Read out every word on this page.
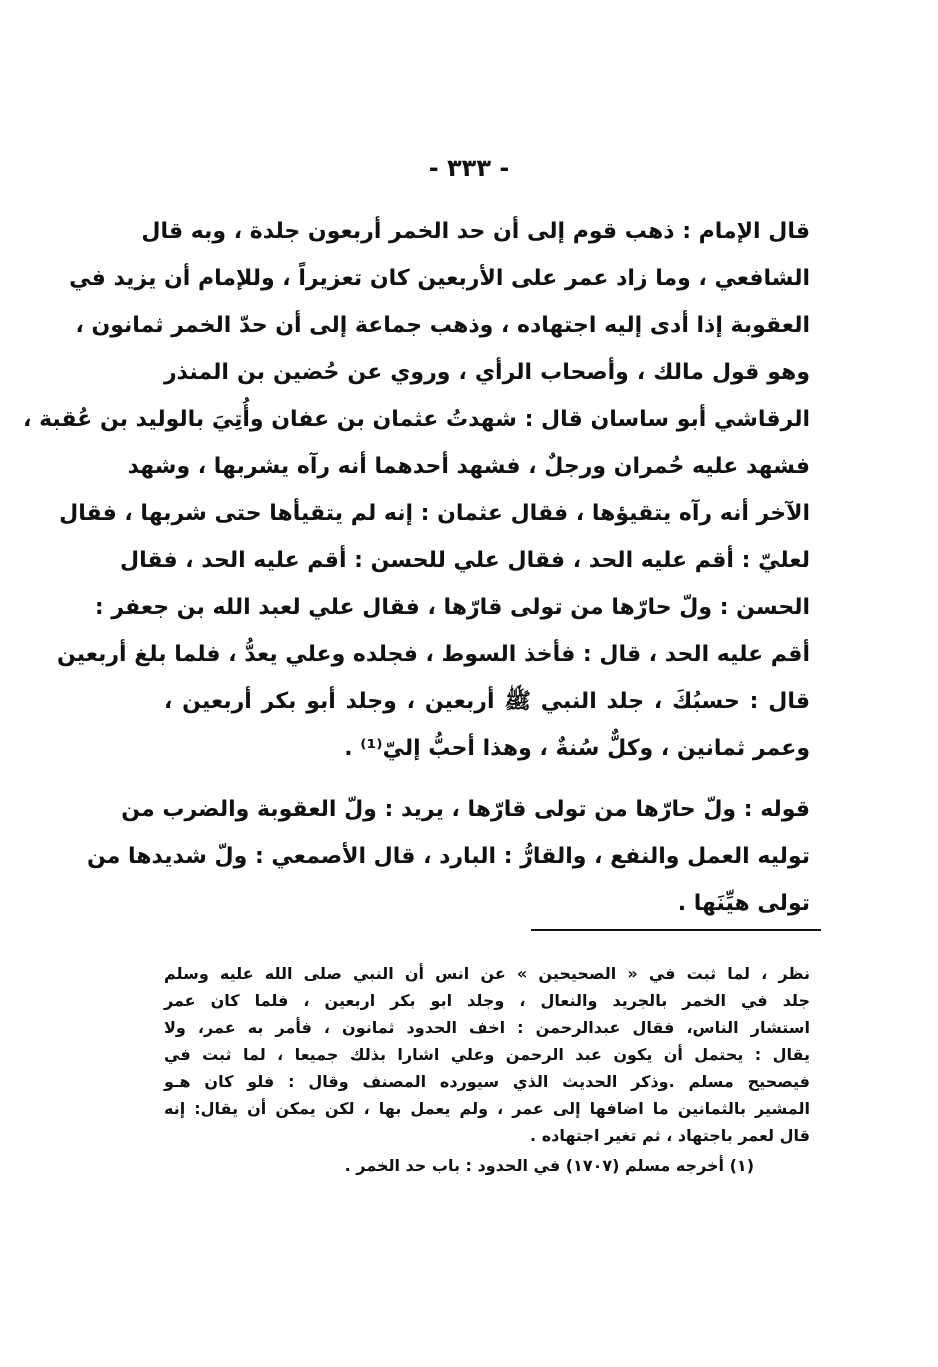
- ٣٣٣ -
قال الإمام : ذهب قوم إلى أن حد الخمر أربعون جلدة ، وبه قال
الشافعي ، وما زاد عمر على الأربعين كان تعزيراً ، وللإمام أن يزيد في
العقوبة إذا أدى إليه اجتهاده ، وذهب جماعة إلى أن حدّ الخمر ثمانون ،
وهو قول مالك ، وأصحاب الرأي ، وروي عن حُضين بن المنذر
الرقاشي أبو ساسان قال : شهدتُ عثمان بن عفان وأُتِيَ بالوليد بن عُقبة ،
فشهد عليه حُمران ورجلٌ ، فشهد أحدهما أنه رآه يشربها ، وشهد
الآخر أنه رآه يتقيؤها ، فقال عثمان : إنه لم يتقيأها حتى شربها ، فقال
لعليّ : أقم عليه الحد ، فقال علي للحسن : أقم عليه الحد ، فقال
الحسن : ولّ حارّها من تولى قارّها ، فقال علي لعبد الله بن جعفر :
أقم عليه الحد ، قال : فأخذ السوط ، فجلده وعلي يعدُّ ، فلما بلغ أربعين
قال : حسبُكَ ، جلد النبي ﷺ أربعين ، وجلد أبو بكر أربعين ،
وعمر ثمانين ، وكلٌّ سُنةٌ ، وهذا أحبُّ إليّ⁽¹⁾ .
قوله : ولّ حارّها من تولى قارّها ، يريد : ولّ العقوبة والضرب من
توليه العمل والنفع ، والقارُّ : البارد ، قال الأصمعي : ولّ شديدها من
تولى هيِّنَها .
نظر ، لما ثبت في « الصحيحين » عن انس أن النبي صلى الله عليه وسلم
جلد في الخمر بالجريد والنعال ، وجلد ابو بكر اربعين ، فلما كان عمر
استشار الناس، فقال عبدالرحمن : اخف الحدود ثمانون ، فأمر به عمر، ولا
يقال : يحتمل أن يكون عبد الرحمن وعلي اشارا بذلك جميعا ، لما ثبت في
فيصحيح مسلم .وذكر الحديث الذي سيورده المصنف وقال : فلو كان هـو
المشير بالثمانين ما اضافها إلى عمر ، ولم يعمل بها ، لكن يمكن أن يقال: إنه
قال لعمر باجتهاد ، ثم تغير اجتهاده .
(١) أخرجه مسلم (١٧٠٧) في الحدود : باب حد الخمر .
